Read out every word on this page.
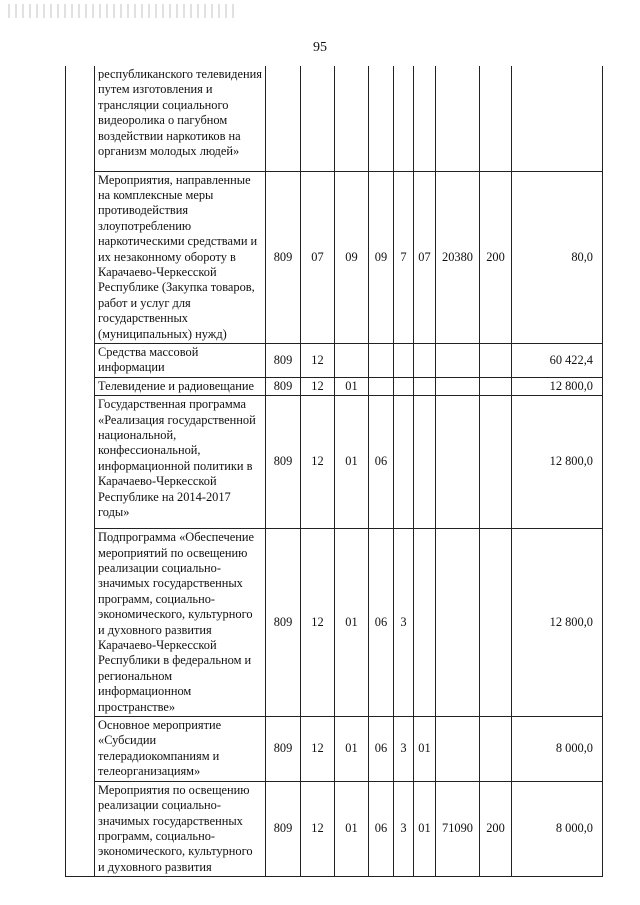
95
	республиканского телевидения путем изготовления и трансляции социального видеоролика о пагубном воздействии наркотиков на организм молодых людей»									
	Мероприятия, направленные на комплексные меры противодействия злоупотреблению наркотическими средствами и их незаконному обороту в Карачаево-Черкесской Республике (Закупка товаров, работ и услуг для государственных (муниципальных) нужд)	809	07	09	09	7	07	20380	200	80,0
	Средства массовой информации	809	12							60 422,4
	Телевидение и радиовещание	809	12	01						12 800,0
	Государственная программа «Реализация государственной национальной, конфессиональной, информационной политики в Карачаево-Черкесской Республике на 2014-2017 годы»	809	12	01	06					12 800,0
	Подпрограмма «Обеспечение мероприятий по освещению реализации социально-значимых государственных программ, социально-экономического, культурного и духовного развития Карачаево-Черкесской Республики в федеральном и региональном информационном пространстве»	809	12	01	06	3				12 800,0
	Основное мероприятие «Субсидии телерадиокомпаниям и телеорганизациям»	809	12	01	06	3	01			8 000,0
	Мероприятия по освещению реализации социально-значимых государственных программ, социально-экономического, культурного и духовного развития	809	12	01	06	3	01	71090	200	8 000,0
